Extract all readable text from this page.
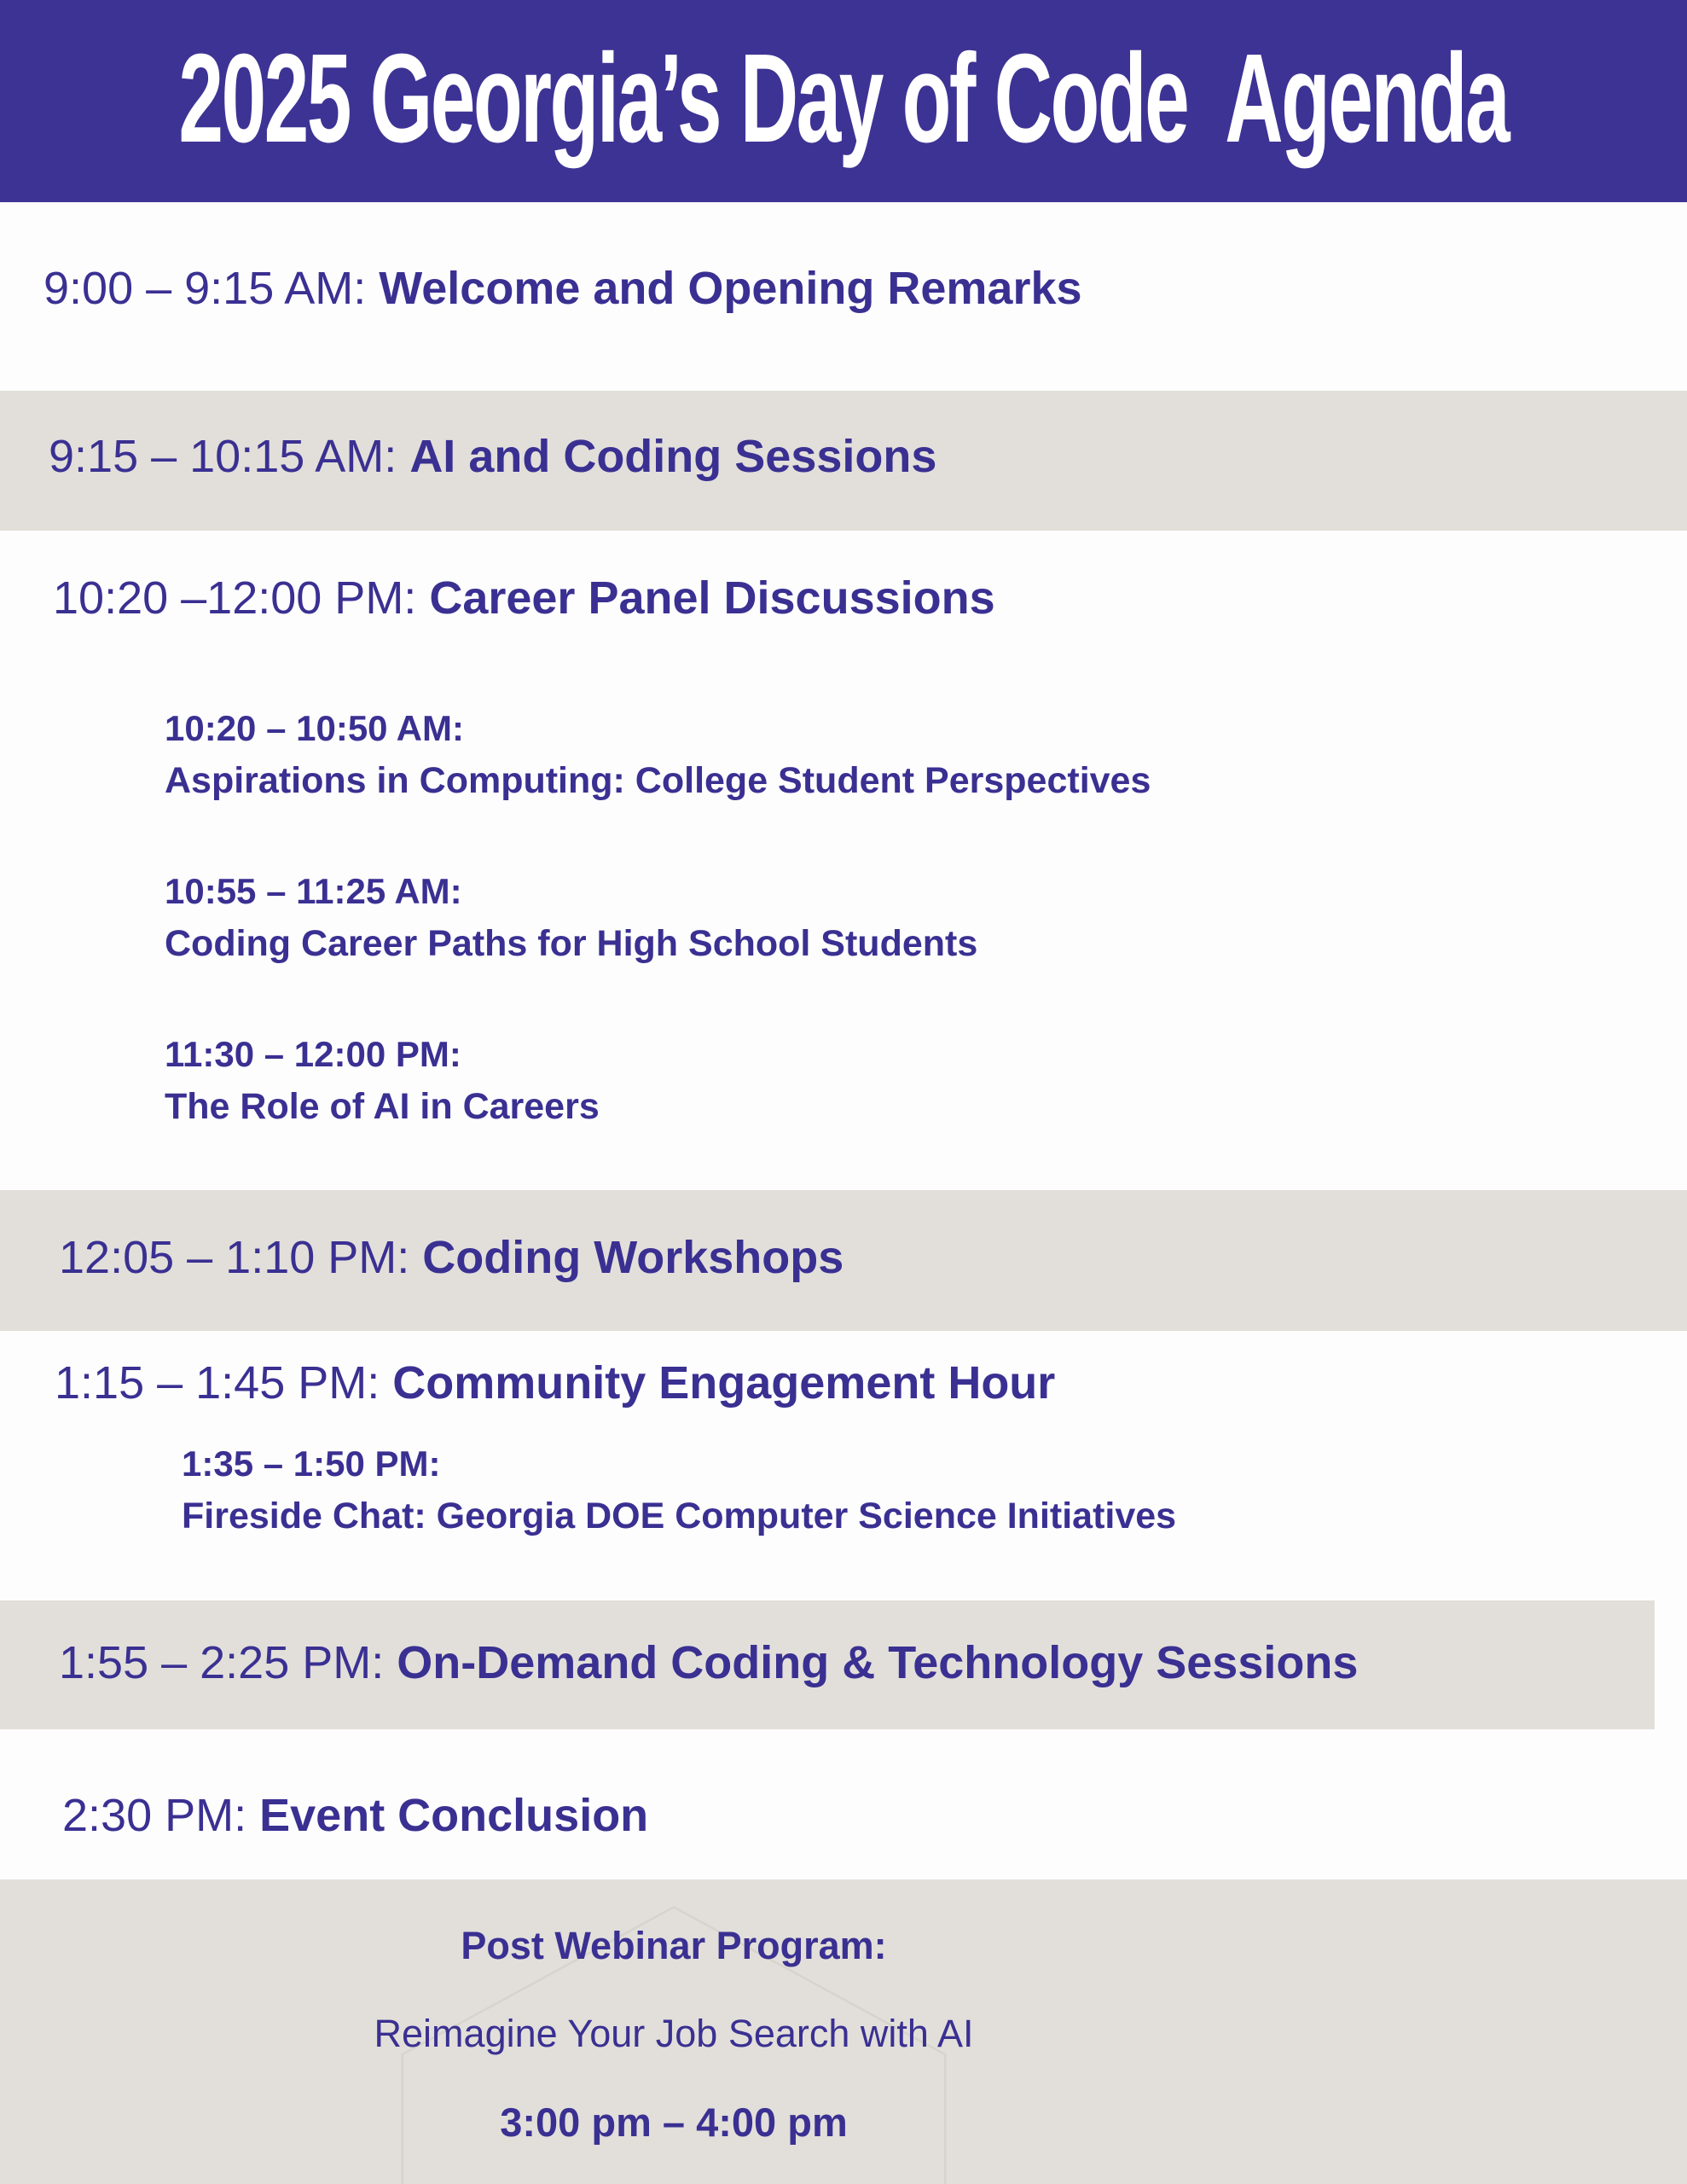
2025 Georgia’s Day of Code  Agenda

9:00 – 9:15 AM: Welcome and Opening Remarks

9:15 – 10:15 AM: AI and Coding Sessions

10:20 –12:00 PM: Career Panel Discussions

10:20 – 10:50 AM:

Aspirations in Computing: College Student Perspectives

10:55 – 11:25 AM:

Coding Career Paths for High School Students

11:30 – 12:00 PM:

The Role of AI in Careers

12:05 – 1:10 PM: Coding Workshops

1:15 – 1:45 PM: Community Engagement Hour

1:35 – 1:50 PM:

Fireside Chat: Georgia DOE Computer Science Initiatives

1:55 – 2:25 PM: On-Demand Coding & Technology Sessions

2:30 PM: Event Conclusion

Post Webinar Program:

Reimagine Your Job Search with AI

3:00 pm – 4:00 pm
